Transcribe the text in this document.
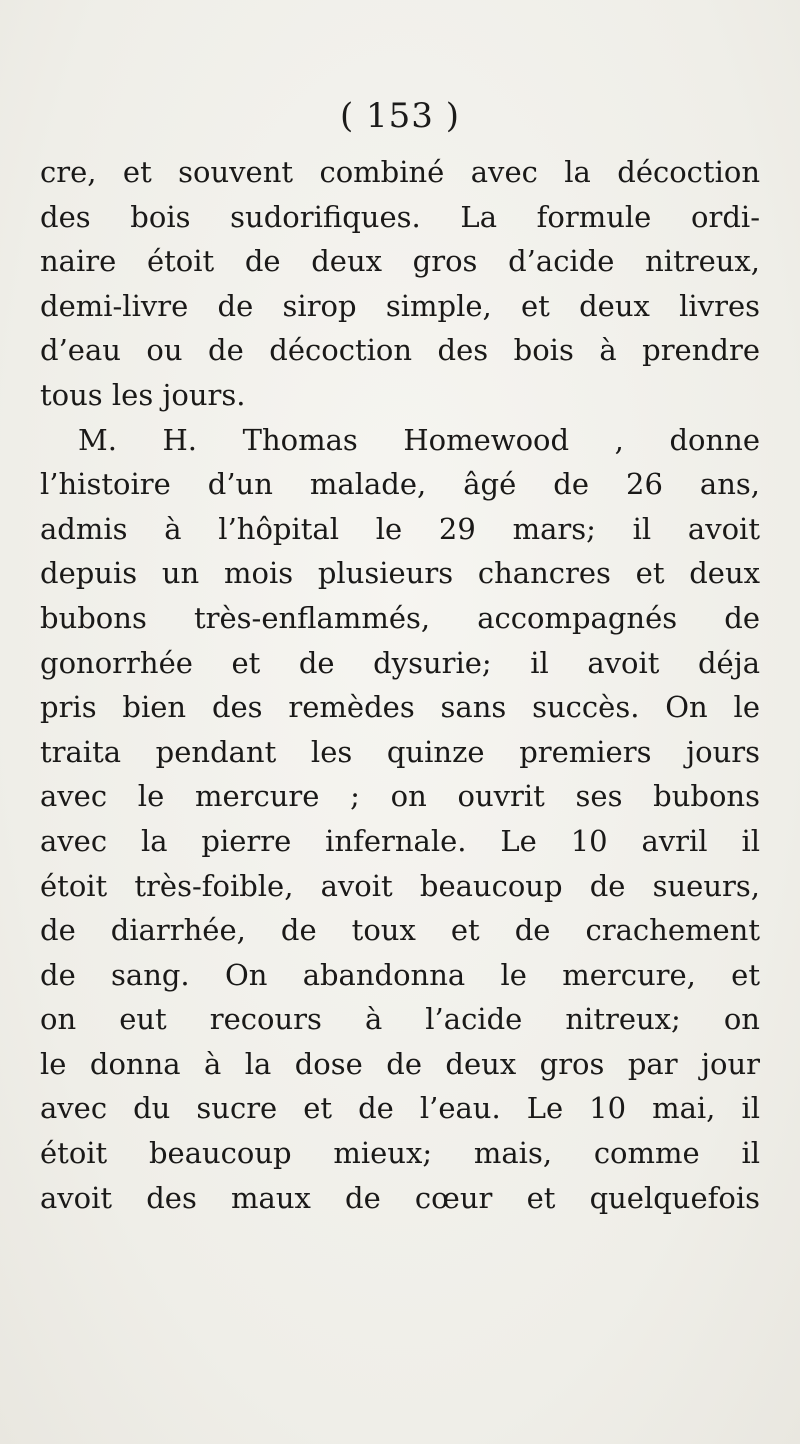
( 153 )
cre, et souvent combiné avec la décoction
des bois sudorifiques. La formule ordi-
naire étoit de deux gros d’acide nitreux,
demi-livre de sirop simple, et deux livres
d’eau ou de décoction des bois à prendre
tous les jours.
M. H. Thomas Homewood , donne
l’histoire d’un malade, âgé de 26 ans,
admis à l’hôpital le 29 mars; il avoit
depuis un mois plusieurs chancres et deux
bubons très-enflammés, accompagnés de
gonorrhée et de dysurie; il avoit déja
pris bien des remèdes sans succès. On le
traita pendant les quinze premiers jours
avec le mercure ; on ouvrit ses bubons
avec la pierre infernale. Le 10 avril il
étoit très-foible, avoit beaucoup de sueurs,
de diarrhée, de toux et de crachement
de sang. On abandonna le mercure, et
on eut recours à l’acide nitreux; on
le donna à la dose de deux gros par jour
avec du sucre et de l’eau. Le 10 mai, il
étoit beaucoup mieux; mais, comme il
avoit des maux de cœur et quelquefois
